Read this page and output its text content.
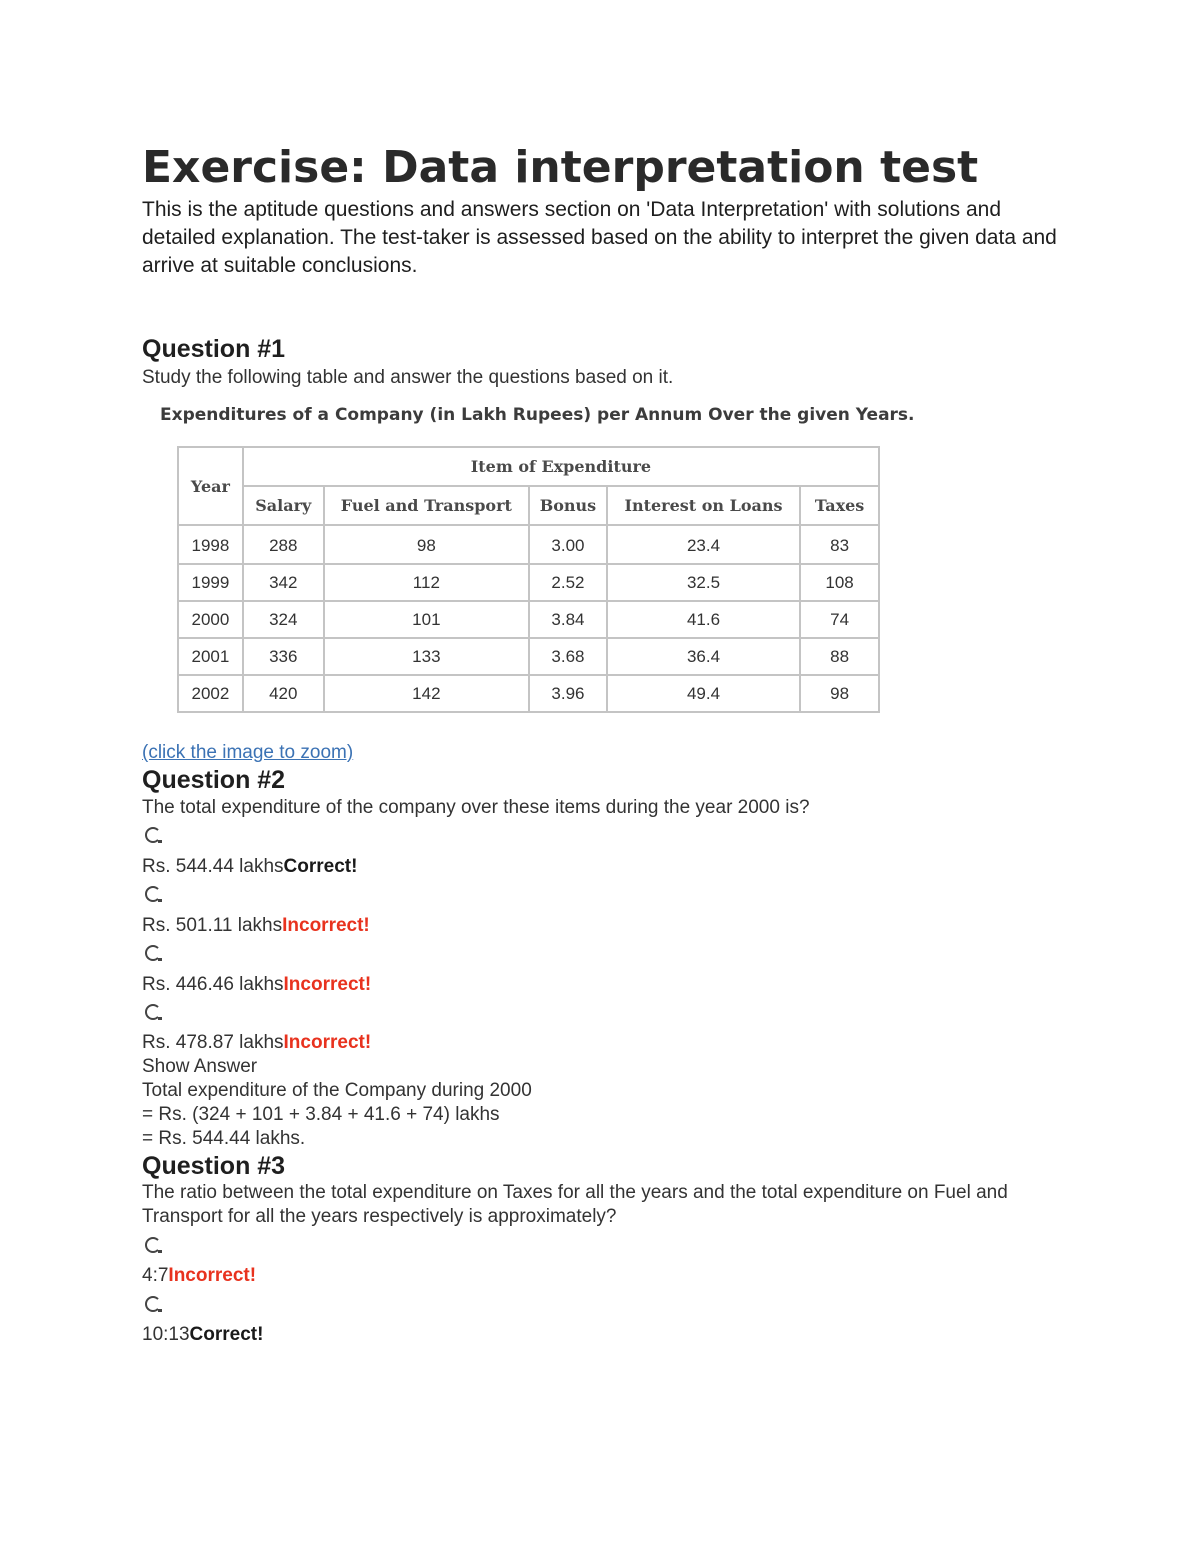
Exercise: Data interpretation test

This is the aptitude questions and answers section on 'Data Interpretation' with solutions and detailed explanation. The test-taker is assessed based on the ability to interpret the given data and arrive at suitable conclusions.

Question #1
Study the following table and answer the questions based on it.
Expenditures of a Company (in Lakh Rupees) per Annum Over the given Years.
Year	Item of Expenditure				
	Salary	Fuel and Transport	Bonus	Interest on Loans	Taxes
1998	288	98	3.00	23.4	83
1999	342	112	2.52	32.5	108
2000	324	101	3.84	41.6	74
2001	336	133	3.68	36.4	88
2002	420	142	3.96	49.4	98
(click the image to zoom)
Question #2
The total expenditure of the company over these items during the year 2000 is?
Rs. 544.44 lakhsCorrect!
Rs. 501.11 lakhsIncorrect!
Rs. 446.46 lakhsIncorrect!
Rs. 478.87 lakhsIncorrect!
Show Answer
Total expenditure of the Company during 2000
= Rs. (324 + 101 + 3.84 + 41.6 + 74) lakhs
= Rs. 544.44 lakhs.
Question #3
The ratio between the total expenditure on Taxes for all the years and the total expenditure on Fuel and Transport for all the years respectively is approximately?
4:7Incorrect!
10:13Correct!
